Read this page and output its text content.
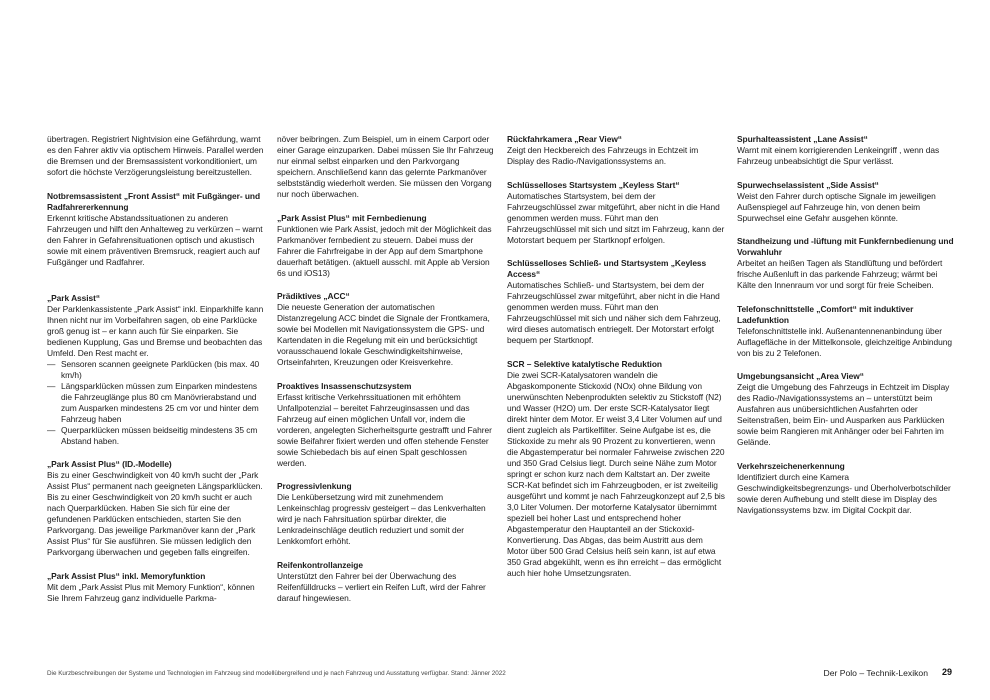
übertragen. Registriert Nightvision eine Gefährdung, warnt es den Fahrer aktiv via optischem Hinweis. Parallel werden die Bremsen und der Bremsassistent vorkonditioniert, um sofort die höchste Verzögerungsleistung bereitzustellen.

Notbremsassistent „Front Assist“ mit Fußgänger- und Radfahrererkennung

Erkennt kritische Abstandssituationen zu anderen Fahrzeugen und hilft den Anhalteweg zu verkürzen – warnt den Fahrer in Gefahrensituationen optisch und akustisch sowie mit einem präventiven Bremsruck, reagiert auch auf Fußgänger und Radfahrer.

„Park Assist“

Der Parklenkassistente „Park Assist“ inkl. Einparkhilfe kann Ihnen nicht nur im Vorbeifahren sagen, ob eine Parklücke groß genug ist – er kann auch für Sie einparken. Sie bedienen Kupplung, Gas und Bremse und beobachten das Umfeld. Den Rest macht er.

— Sensoren scannen geeignete Parklücken (bis max. 40 km/h)
— Längsparklücken müssen zum Einparken mindestens die Fahrzeuglänge plus 80 cm Manövrierabstand und zum Ausparken mindestens 25 cm vor und hinter dem Fahrzeug haben
— Querparklücken müssen beidseitig mindestens 35 cm Abstand haben.

„Park Assist Plus“ (ID.-Modelle)

Bis zu einer Geschwindigkeit von 40 km/h sucht der „Park Assist Plus“ permanent nach geeigneten Längsparklücken. Bis zu einer Geschwindigkeit von 20 km/h sucht er auch nach Querparklücken. Haben Sie sich für eine der gefundenen Parklücken entschieden, starten Sie den Parkvorgang. Das jeweilige Parkmanöver kann der „Park Assist Plus“ für Sie ausführen. Sie müssen lediglich den Parkvorgang überwachen und gegeben falls eingreifen.

„Park Assist Plus“ inkl. Memoryfunktion

Mit dem „Park Assist Plus mit Memory Funktion“, können Sie Ihrem Fahrzeug ganz individuelle Parkma-

növer beibringen. Zum Beispiel, um in einem Carport oder einer Garage einzuparken. Dabei müssen Sie Ihr Fahrzeug nur einmal selbst einparken und den Parkvorgang speichern. Anschließend kann das gelernte Parkmanöver selbstständig wiederholt werden. Sie müssen den Vorgang nur noch überwachen.

„Park Assist Plus“ mit Fernbedienung

Funktionen wie Park Assist, jedoch mit der Möglichkeit das Parkmanöver fernbedient zu steuern. Dabei muss der Fahrer die Fahrfreigabe in der App auf dem Smartphone dauerhaft betätigen. (aktuell ausschl. mit Apple ab Version 6s und iOS13)

Prädiktives „ACC“

Die neueste Generation der automatischen Distanzregelung ACC bindet die Signale der Frontkamera, sowie bei Modellen mit Navigationssystem die GPS- und Kartendaten in die Regelung mit ein und berücksichtigt vorausschauend lokale Geschwindigkeitshinweise, Ortseinfahrten, Kreuzungen oder Kreisverkehre.

Proaktives Insassenschutzsystem

Erfasst kritische Verkehrssituationen mit erhöhtem Unfallpotenzial – bereitet Fahrzeuginsassen und das Fahrzeug auf einen möglichen Unfall vor, indem die vorderen, angelegten Sicherheitsgurte gestrafft und Fahrer sowie Beifahrer fixiert werden und offen stehende Fenster sowie Schiebedach bis auf einen Spalt geschlossen werden.

Progressivlenkung

Die Lenkübersetzung wird mit zunehmendem Lenkeinschlag progressiv gesteigert – das Lenkverhalten wird je nach Fahrsituation spürbar direkter, die Lenkradeinschläge deutlich reduziert und somit der Lenkkomfort erhöht.

Reifenkontrollanzeige

Unterstützt den Fahrer bei der Überwachung des Reifenfülldrucks – verliert ein Reifen Luft, wird der Fahrer darauf hingewiesen.

Rückfahrkamera „Rear View“

Zeigt den Heckbereich des Fahrzeugs in Echtzeit im Display des Radio-/Navigationssystems an.

Schlüsselloses Startsystem „Keyless Start“

Automatisches Startsystem, bei dem der Fahrzeugschlüssel zwar mitgeführt, aber nicht in die Hand genommen werden muss. Führt man den Fahrzeugschlüssel mit sich und sitzt im Fahrzeug, kann der Motorstart bequem per Startknopf erfolgen.

Schlüsselloses Schließ- und Startsystem „Keyless Access“

Automatisches Schließ- und Startsystem, bei dem der Fahrzeugschlüssel zwar mitgeführt, aber nicht in die Hand genommen werden muss. Führt man den Fahrzeugschlüssel mit sich und näher sich dem Fahrzeug, wird dieses automatisch entriegelt. Der Motorstart erfolgt bequem per Startknopf.

SCR – Selektive katalytische Reduktion

Die zwei SCR-Katalysatoren wandeln die Abgaskomponente Stickoxid (NOx) ohne Bildung von unerwünschten Nebenprodukten selektiv zu Stickstoff (N2) und Wasser (H2O) um. Der erste SCR-Katalysator liegt direkt hinter dem Motor. Er weist 3,4 Liter Volumen auf und dient zugleich als Partikelfilter. Seine Aufgabe ist es, die Stickoxide zu mehr als 90 Prozent zu konvertieren, wenn die Abgastemperatur bei normaler Fahrweise zwischen 220 und 350 Grad Celsius liegt. Durch seine Nähe zum Motor springt er schon kurz nach dem Kaltstart an. Der zweite SCR-Kat befindet sich im Fahrzeugboden, er ist zweiteilig ausgeführt und kommt je nach Fahrzeugkonzept auf 2,5 bis 3,0 Liter Volumen. Der motorferne Katalysator übernimmt speziell bei hoher Last und entsprechend hoher Abgastemperatur den Hauptanteil an der Stickoxid-Konvertierung. Das Abgas, das beim Austritt aus dem Motor über 500 Grad Celsius heiß sein kann, ist auf etwa 350 Grad abgekühlt, wenn es ihn erreicht – das ermöglicht auch hier hohe Umsetzungsraten.

Spurhalteassistent „Lane Assist“

Warnt mit einem korrigierenden Lenkeingriff , wenn das Fahrzeug unbeabsichtigt die Spur verlässt.

Spurwechselassistent „Side Assist“

Weist den Fahrer durch optische Signale im jeweiligen Außenspiegel auf Fahrzeuge hin, von denen beim Spurwechsel eine Gefahr ausgehen könnte.

Standheizung und -lüftung mit Funkfernbedienung und Vorwahluhr

Arbeitet an heißen Tagen als Standlüftung und befördert frische Außenluft in das parkende Fahrzeug; wärmt bei Kälte den Innenraum vor und sorgt für freie Scheiben.

Telefonschnittstelle „Comfort“ mit induktiver Ladefunktion

Telefonschnittstelle inkl. Außenantennenanbindung über Auflagefläche in der Mittelkonsole, gleichzeitige Anbindung von bis zu 2 Telefonen.

Umgebungsansicht „Area View“

Zeigt die Umgebung des Fahrzeugs in Echtzeit im Display des Radio-/Navigationssystems an – unterstützt beim Ausfahren aus unübersichtlichen Ausfahrten oder Seitenstraßen, beim Ein- und Ausparken aus Parklücken sowie beim Rangieren mit Anhänger oder bei Fahrten im Gelände.

Verkehrszeichenerkennung

Identifiziert durch eine Kamera Geschwindigkeitsbegrenzungs- und Überholverbotschilder sowie deren Aufhebung und stellt diese im Display des Navigationssystems bzw. im Digital Cockpit dar.

Die Kurzbeschreibungen der Systeme und Technologien im Fahrzeug sind modellübergreifend und je nach Fahrzeug und Ausstattung verfügbar. Stand: Jänner 2022	Der Polo – Technik-Lexikon 29
